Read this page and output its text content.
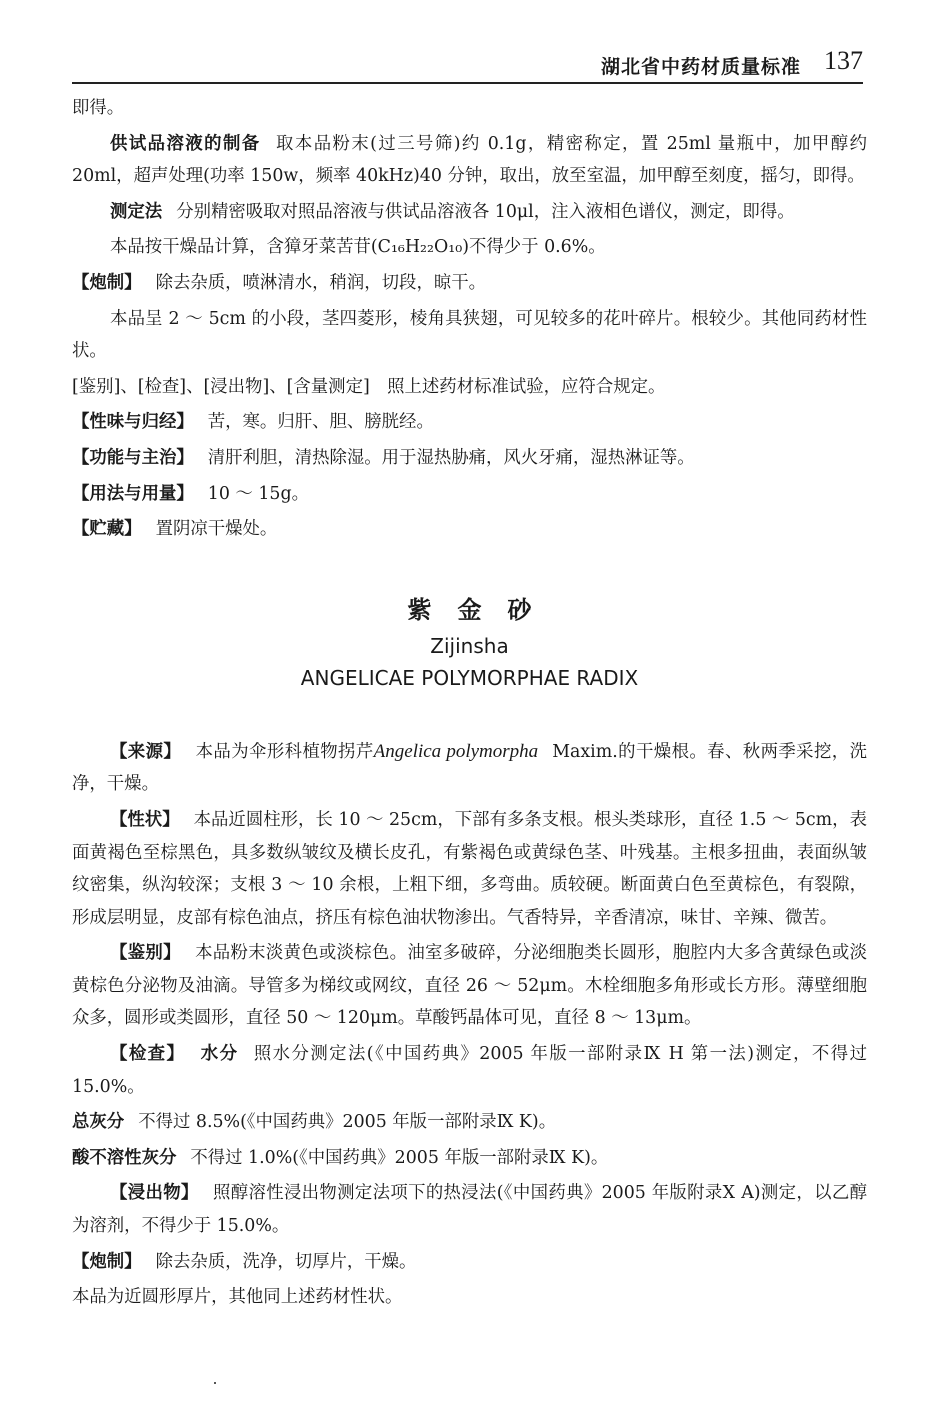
湖北省中药材质量标准 137

即得。

供试品溶液的制备 取本品粉末(过三号筛)约 0.1g，精密称定，置 25ml 量瓶中，加甲醇约 20ml，超声处理(功率 150w，频率 40kHz)40 分钟，取出，放至室温，加甲醇至刻度，摇匀，即得。

测定法 分别精密吸取对照品溶液与供试品溶液各 10μl，注入液相色谱仪，测定，即得。

本品按干燥品计算，含獐牙菜苦苷(C₁₆H₂₂O₁₀)不得少于 0.6%。

【炮制】 除去杂质，喷淋清水，稍润，切段，晾干。

本品呈 2 ～ 5cm 的小段，茎四菱形，棱角具狭翅，可见较多的花叶碎片。根较少。其他同药材性状。

[鉴别]、[检查]、[浸出物]、[含量测定]　照上述药材标准试验，应符合规定。

【性味与归经】 苦，寒。归肝、胆、膀胱经。

【功能与主治】 清肝利胆，清热除湿。用于湿热胁痛，风火牙痛，湿热淋证等。

【用法与用量】 10 ～ 15g。

【贮藏】 置阴凉干燥处。

紫金砂
Zijinsha
ANGELICAE POLYMORPHAE RADIX

【来源】 本品为伞形科植物拐芹Angelica polymorpha Maxim.的干燥根。春、秋两季采挖，洗净，干燥。

【性状】 本品近圆柱形，长 10 ～ 25cm，下部有多条支根。根头类球形，直径 1.5 ～ 5cm，表面黄褐色至棕黑色，具多数纵皱纹及横长皮孔，有紫褐色或黄绿色茎、叶残基。主根多扭曲，表面纵皱纹密集，纵沟较深；支根 3 ～ 10 余根，上粗下细，多弯曲。质较硬。断面黄白色至黄棕色，有裂隙，形成层明显，皮部有棕色油点，挤压有棕色油状物渗出。气香特异，辛香清凉，味甘、辛辣、微苦。

【鉴别】 本品粉末淡黄色或淡棕色。油室多破碎，分泌细胞类长圆形，胞腔内大多含黄绿色或淡黄棕色分泌物及油滴。导管多为梯纹或网纹，直径 26 ～ 52μm。木栓细胞多角形或长方形。薄壁细胞众多，圆形或类圆形，直径 50 ～ 120μm。草酸钙晶体可见，直径 8 ～ 13μm。

【检查】 水分 照水分测定法(《中国药典》2005 年版一部附录Ⅸ H 第一法)测定，不得过 15.0%。

总灰分 不得过 8.5%(《中国药典》2005 年版一部附录Ⅸ K)。

酸不溶性灰分 不得过 1.0%(《中国药典》2005 年版一部附录Ⅸ K)。

【浸出物】 照醇溶性浸出物测定法项下的热浸法(《中国药典》2005 年版附录Ⅹ A)测定，以乙醇为溶剂，不得少于 15.0%。

【炮制】 除去杂质，洗净，切厚片，干燥。

本品为近圆形厚片，其他同上述药材性状。
